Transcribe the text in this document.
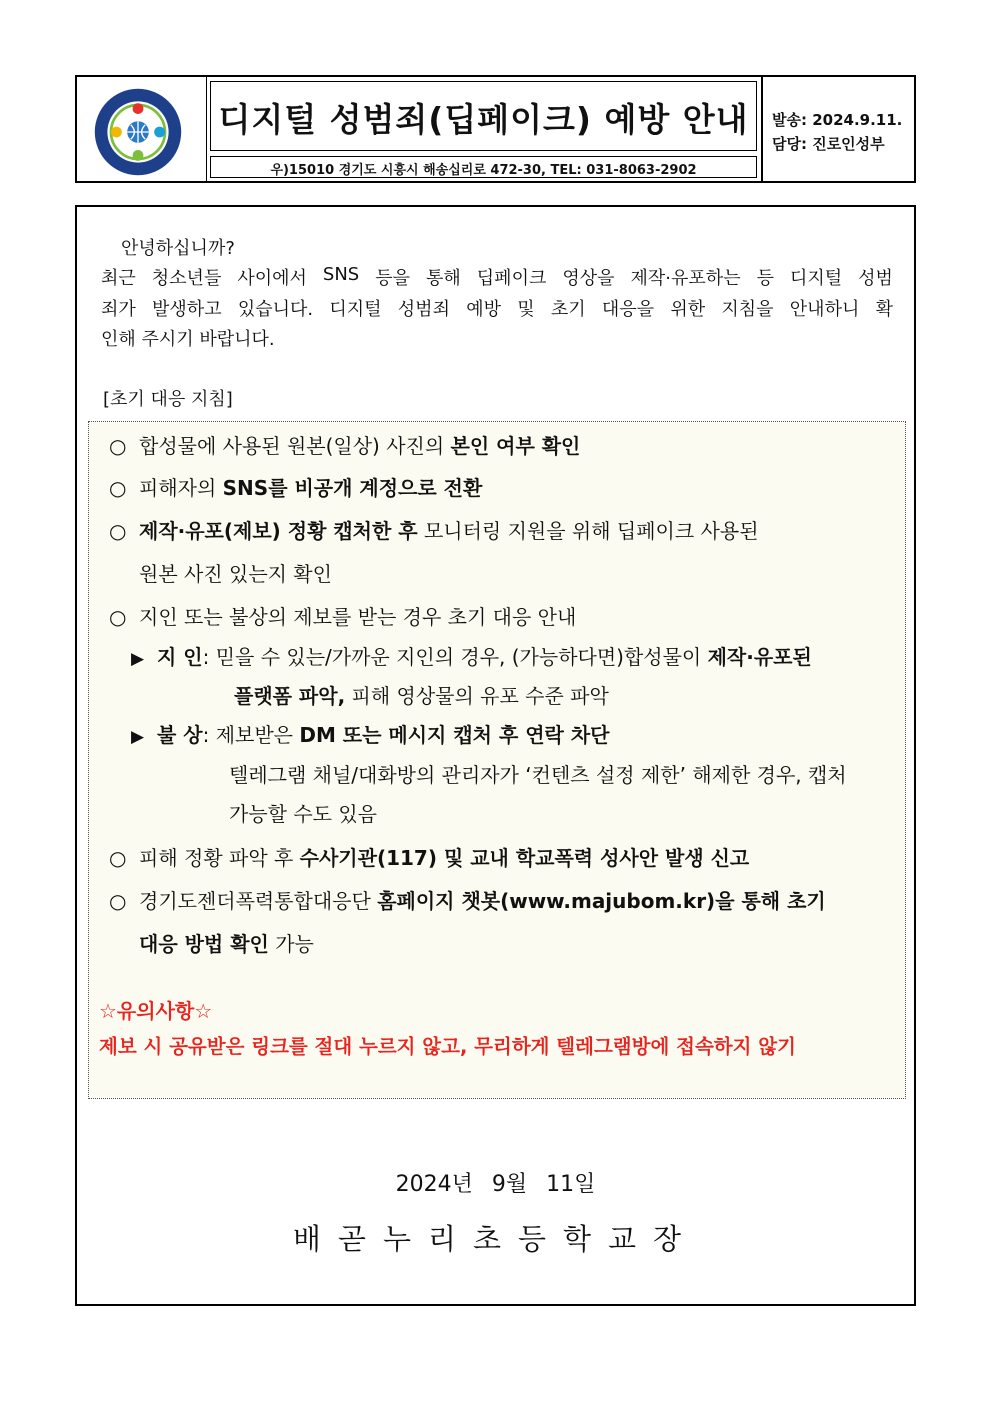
디지털 성범죄(딥페이크) 예방 안내
우)15010 경기도 시흥시 해송십리로 472-30, TEL: 031-8063-2902
발송: 2024.9.11.
담당: 진로인성부
안녕하십니까?
최근 청소년들 사이에서 SNS 등을 통해 딥페이크 영상을 제작·유포하는 등 디지털 성범
죄가 발생하고 있습니다. 디지털 성범죄 예방 및 초기 대응을 위한 지침을 안내하니 확
인해 주시기 바랍니다.
[초기 대응 지침]
○ 합성물에 사용된 원본(일상) 사진의 본인 여부 확인
○ 피해자의 SNS를 비공개 계정으로 전환
○ 제작·유포(제보) 정황 캡처한 후 모니터링 지원을 위해 딥페이크 사용된
원본 사진 있는지 확인
○ 지인 또는 불상의 제보를 받는 경우 초기 대응 안내
▶ 지 인: 믿을 수 있는/가까운 지인의 경우, (가능하다면)합성물이 제작·유포된
플랫폼 파악, 피해 영상물의 유포 수준 파악
▶ 불 상: 제보받은 DM 또는 메시지 캡처 후 연락 차단
텔레그램 채널/대화방의 관리자가 ‘컨텐츠 설정 제한’ 해제한 경우, 캡처
가능할 수도 있음
○ 피해 정황 파악 후 수사기관(117) 및 교내 학교폭력 성사안 발생 신고
○ 경기도젠더폭력통합대응단 홈페이지 챗봇(www.majubom.kr)을 통해 초기
대응 방법 확인 가능
☆유의사항☆
제보 시 공유받은 링크를 절대 누르지 않고, 무리하게 텔레그램방에 접속하지 않기
2024년 9월 11일
배곧누리초등학교장
